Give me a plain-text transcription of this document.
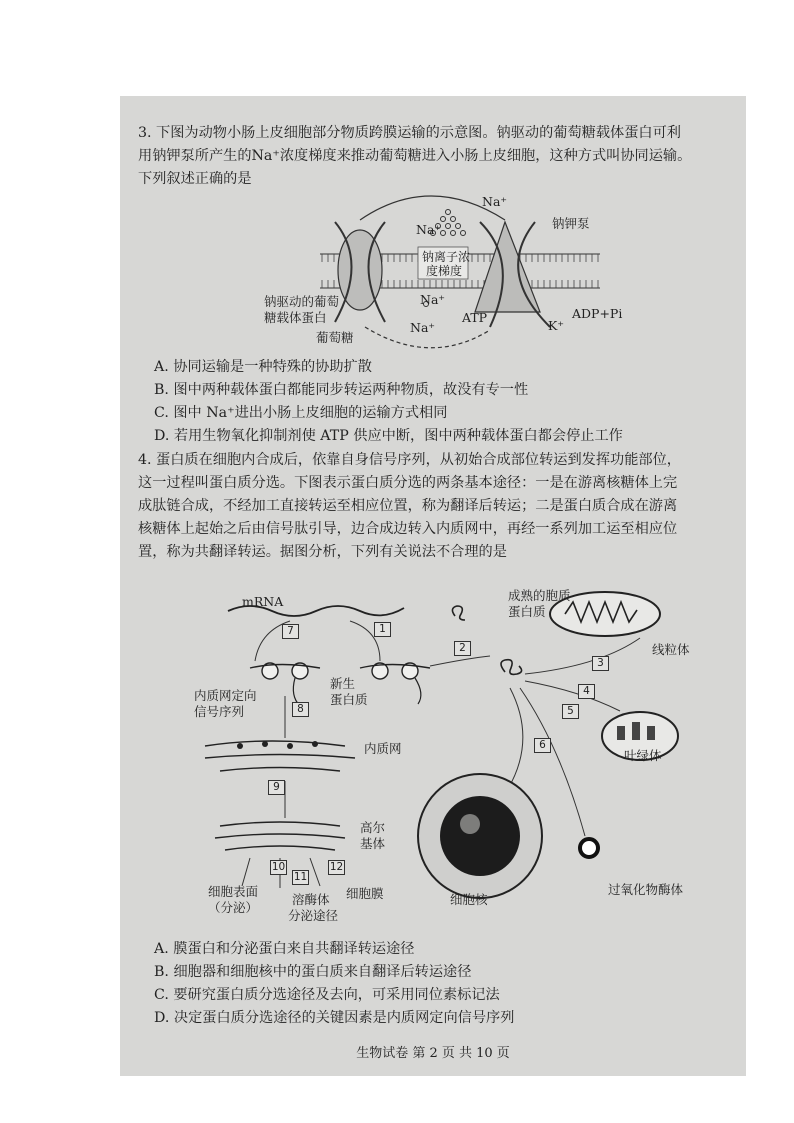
3. 下图为动物小肠上皮细胞部分物质跨膜运输的示意图。钠驱动的葡萄糖载体蛋白可利
用钠钾泵所产生的Na⁺浓度梯度来推动葡萄糖进入小肠上皮细胞，这种方式叫协同运输。
下列叙述正确的是
Na⁺
Na⁺
钠钾泵
钠离子浓
度梯度
钠驱动的葡萄
糖载体蛋白
Na⁺
Na⁺
葡萄糖
ATP
K⁺
ADP+Pi
A. 协同运输是一种特殊的协助扩散
B. 图中两种载体蛋白都能同步转运两种物质，故没有专一性
C. 图中 Na⁺进出小肠上皮细胞的运输方式相同
D. 若用生物氧化抑制剂使 ATP 供应中断，图中两种载体蛋白都会停止工作
4. 蛋白质在细胞内合成后，依靠自身信号序列，从初始合成部位转运到发挥功能部位，
这一过程叫蛋白质分选。下图表示蛋白质分选的两条基本途径：一是在游离核糖体上完
成肽链合成，不经加工直接转运至相应位置，称为翻译后转运；二是蛋白质合成在游离
核糖体上起始之后由信号肽引导，边合成边转入内质网中，再经一系列加工运至相应位
置，称为共翻译转运。据图分析，下列有关说法不合理的是
mRNA	成熟的胞质
蛋白质
线粒体
新生
蛋白质
内质网定向
信号序列
内质网	叶绿体
高尔
基体
细胞表面
（分泌）
溶酶体
分泌途径
细胞膜	细胞核
过氧化物酶体
7	1
2
3
4
5
6
8
9
10
11
12
A. 膜蛋白和分泌蛋白来自共翻译转运途径
B. 细胞器和细胞核中的蛋白质来自翻译后转运途径
C. 要研究蛋白质分选途径及去向，可采用同位素标记法
D. 决定蛋白质分选途径的关键因素是内质网定向信号序列
生物试卷 第 2 页 共 10 页
